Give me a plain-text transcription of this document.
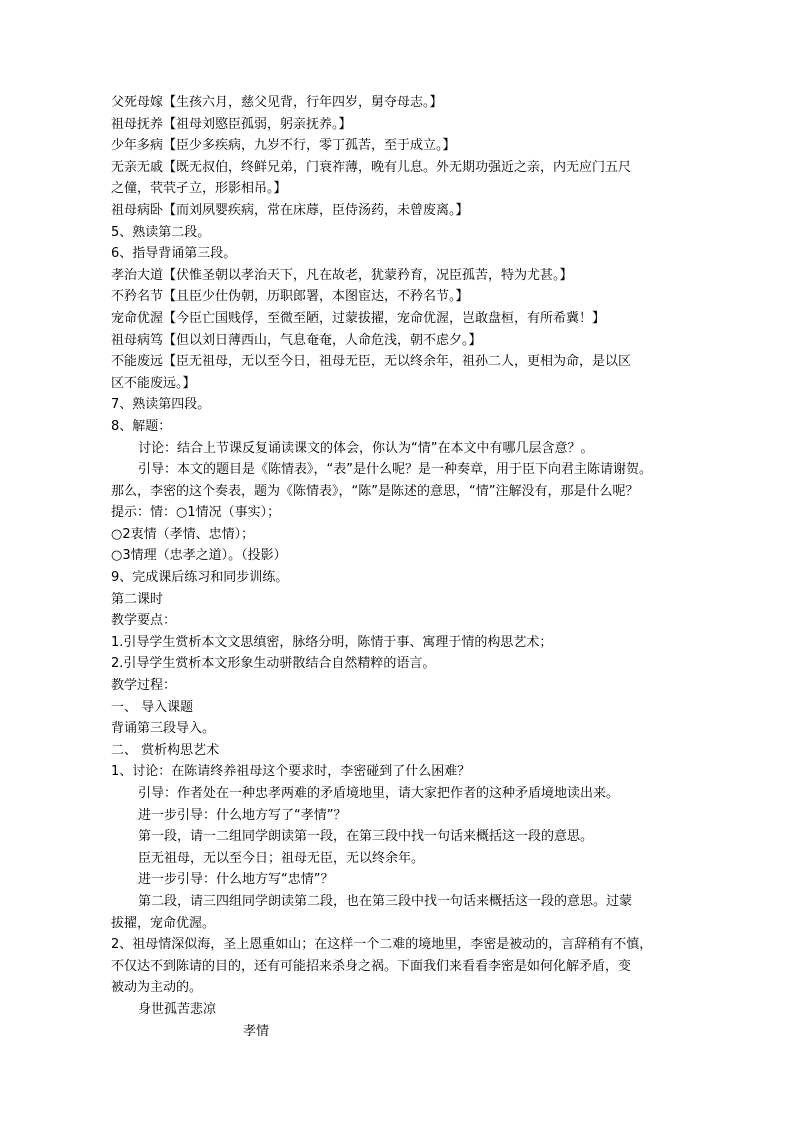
父死母嫁【生孩六月，慈父见背，行年四岁，舅夺母志。】
祖母抚养【祖母刘愍臣孤弱，躬亲抚养。】
少年多病【臣少多疾病，九岁不行，零丁孤苦，至于成立。】
无亲无戚【既无叔伯，终鲜兄弟，门衰祚薄，晚有儿息。外无期功强近之亲，内无应门五尺
之僮，茕茕孑立，形影相吊。】
祖母病卧【而刘夙婴疾病，常在床蓐，臣侍汤药，未曾废离。】
5、熟读第二段。
6、指导背诵第三段。
孝治大道【伏惟圣朝以孝治天下，凡在故老，犹蒙矜育，况臣孤苦，特为尤甚。】
不矜名节【且臣少仕伪朝，历职郎署，本图宦达，不矜名节。】
宠命优渥【今臣亡国贱俘，至微至陋，过蒙拔擢，宠命优渥，岂敢盘桓，有所希冀！】
祖母病笃【但以刘日薄西山，气息奄奄，人命危浅，朝不虑夕。】
不能废远【臣无祖母，无以至今日，祖母无臣，无以终余年，祖孙二人，更相为命，是以区
区不能废远。】
7、熟读第四段。
8、解题：
讨论：结合上节课反复诵读课文的体会，你认为“情”在本文中有哪几层含意？。
引导：本文的题目是《陈情表》，“表”是什么呢？是一种奏章，用于臣下向君主陈请谢贺。
那么，李密的这个奏表，题为《陈情表》，“陈”是陈述的意思，“情”注解没有，那是什么呢？
提示：情：○1情况（事实）；
○2衷情（孝情、忠情）；
○3情理（忠孝之道）。（投影）
9、完成课后练习和同步训练。
第二课时
教学要点：
1.引导学生赏析本文文思缜密，脉络分明，陈情于事、寓理于情的构思艺术；
2.引导学生赏析本文形象生动骈散结合自然精粹的语言。
教学过程：
一、 导入课题
背诵第三段导入。
二、 赏析构思艺术
1、讨论：在陈请终养祖母这个要求时，李密碰到了什么困难？
引导：作者处在一种忠孝两难的矛盾境地里，请大家把作者的这种矛盾境地读出来。
进一步引导：什么地方写了“孝情”？
第一段，请一二组同学朗读第一段，在第三段中找一句话来概括这一段的意思。
臣无祖母，无以至今日；祖母无臣，无以终余年。
进一步引导：什么地方写“忠情”？
第二段，请三四组同学朗读第二段，也在第三段中找一句话来概括这一段的意思。过蒙
拔擢，宠命优渥。
2、祖母情深似海，圣上恩重如山；在这样一个二难的境地里，李密是被动的，言辞稍有不慎，
不仅达不到陈请的目的，还有可能招来杀身之祸。下面我们来看看李密是如何化解矛盾，变
被动为主动的。
身世孤苦悲凉
孝情
